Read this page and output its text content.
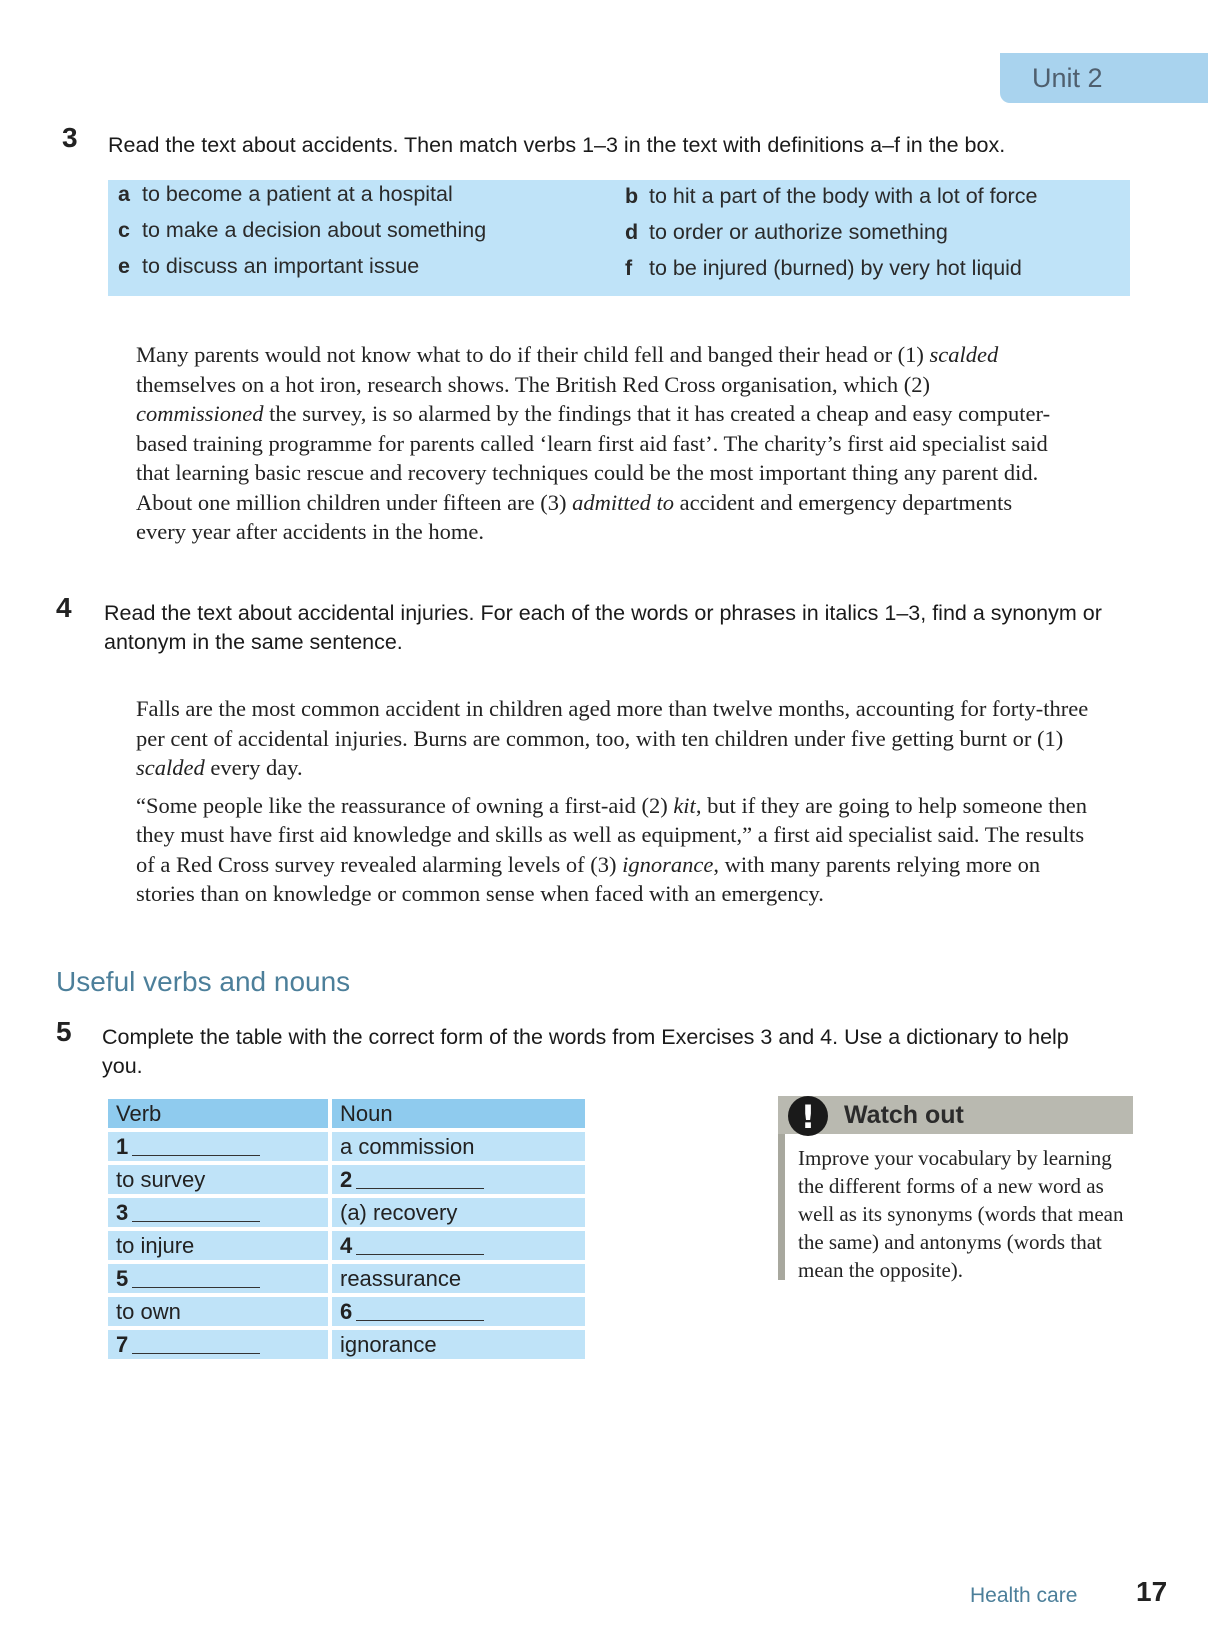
Unit 2
3 Read the text about accidents. Then match verbs 1–3 in the text with definitions a–f in the box.
a to become a patient at a hospital	b to hit a part of the body with a lot of force
c to make a decision about something	d to order or authorize something
e to discuss an important issue	f to be injured (burned) by very hot liquid

Many parents would not know what to do if their child fell and banged their head or (1) scalded themselves on a hot iron, research shows. The British Red Cross organisation, which (2) commissioned the survey, is so alarmed by the findings that it has created a cheap and easy computer-based training programme for parents called ‘learn first aid fast’. The charity’s first aid specialist said that learning basic rescue and recovery techniques could be the most important thing any parent did. About one million children under fifteen are (3) admitted to accident and emergency departments every year after accidents in the home.

4 Read the text about accidental injuries. For each of the words or phrases in italics 1–3, find a synonym or antonym in the same sentence.

Falls are the most common accident in children aged more than twelve months, accounting for forty-three per cent of accidental injuries. Burns are common, too, with ten children under five getting burnt or (1) scalded every day.

“Some people like the reassurance of owning a first-aid (2) kit, but if they are going to help someone then they must have first aid knowledge and skills as well as equipment,” a first aid specialist said. The results of a Red Cross survey revealed alarming levels of (3) ignorance, with many parents relying more on stories than on knowledge or common sense when faced with an emergency.

Useful verbs and nouns
5 Complete the table with the correct form of the words from Exercises 3 and 4. Use a dictionary to help you.
Verb	Noun
1	a commission
to survey	2
3	(a) recovery
to injure	4
5	reassurance
to own	6
7	ignorance
! Watch out
Improve your vocabulary by learning the different forms of a new word as well as its synonyms (words that mean the same) and antonyms (words that mean the opposite).
Health care 17
